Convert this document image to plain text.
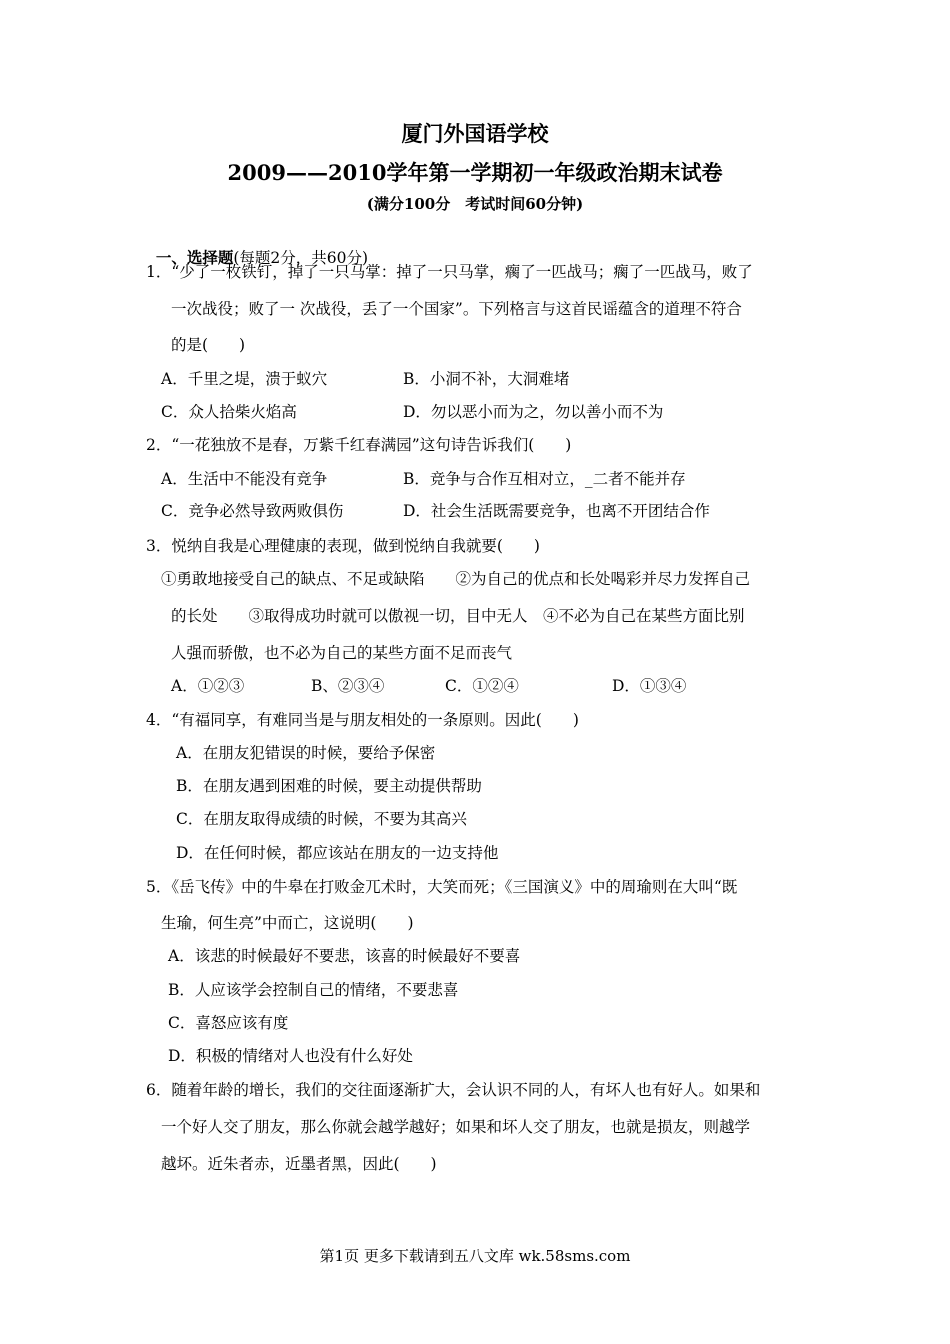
厦门外国语学校
2009——2010学年第一学期初一年级政治期末试卷
(满分100分　考试时间60分钟)

一、选择题(每题2分，共60分)

1．“少了一枚铁钉，掉了一只马掌：掉了一只马掌，瘸了一匹战马；瘸了一匹战马，败了
一次战役；败了一 次战役，丢了一个国家”。下列格言与这首民谣蕴含的道理不符合
的是(　　)
A．千里之堤，溃于蚁穴	B．小洞不补，大洞难堵
C．众人拾柴火焰高	D．勿以恶小而为之，勿以善小而不为
2．“一花独放不是春，万紫千红春满园”这句诗告诉我们(　　)
A．生活中不能没有竞争	B．竞争与合作互相对立，_二者不能并存
C．竞争必然导致两败俱伤	D．社会生活既需要竞争，也离不开团结合作
3．悦纳自我是心理健康的表现，做到悦纳自我就要(　　)
①勇敢地接受自己的缺点、不足或缺陷　　②为自己的优点和长处喝彩并尽力发挥自己
的长处　　③取得成功时就可以傲视一切，目中无人　④不必为自己在某些方面比别
人强而骄傲，也不必为自己的某些方面不足而丧气
A．①②③	B、②③④	C．①②④	D．①③④
4．“有福同享，有难同当是与朋友相处的一条原则。因此(　　)
A．在朋友犯错误的时候，要给予保密
B．在朋友遇到困难的时候，要主动提供帮助
C．在朋友取得成绩的时候，不要为其高兴
D．在任何时候，都应该站在朋友的一边支持他
5．《岳飞传》中的牛皋在打败金兀术时，大笑而死；《三国演义》中的周瑜则在大叫“既
生瑜，何生亮”中而亡，这说明(　　)
A．该悲的时候最好不要悲，该喜的时候最好不要喜
B．人应该学会控制自己的情绪，不要悲喜
C．喜怒应该有度
D．积极的情绪对人也没有什么好处
6．随着年龄的增长，我们的交往面逐渐扩大，会认识不同的人，有坏人也有好人。如果和
一个好人交了朋友，那么你就会越学越好；如果和坏人交了朋友，也就是损友，则越学
越坏。近朱者赤，近墨者黑，因此(　　)
第1页 更多下载请到五八文库 wk.58sms.com
